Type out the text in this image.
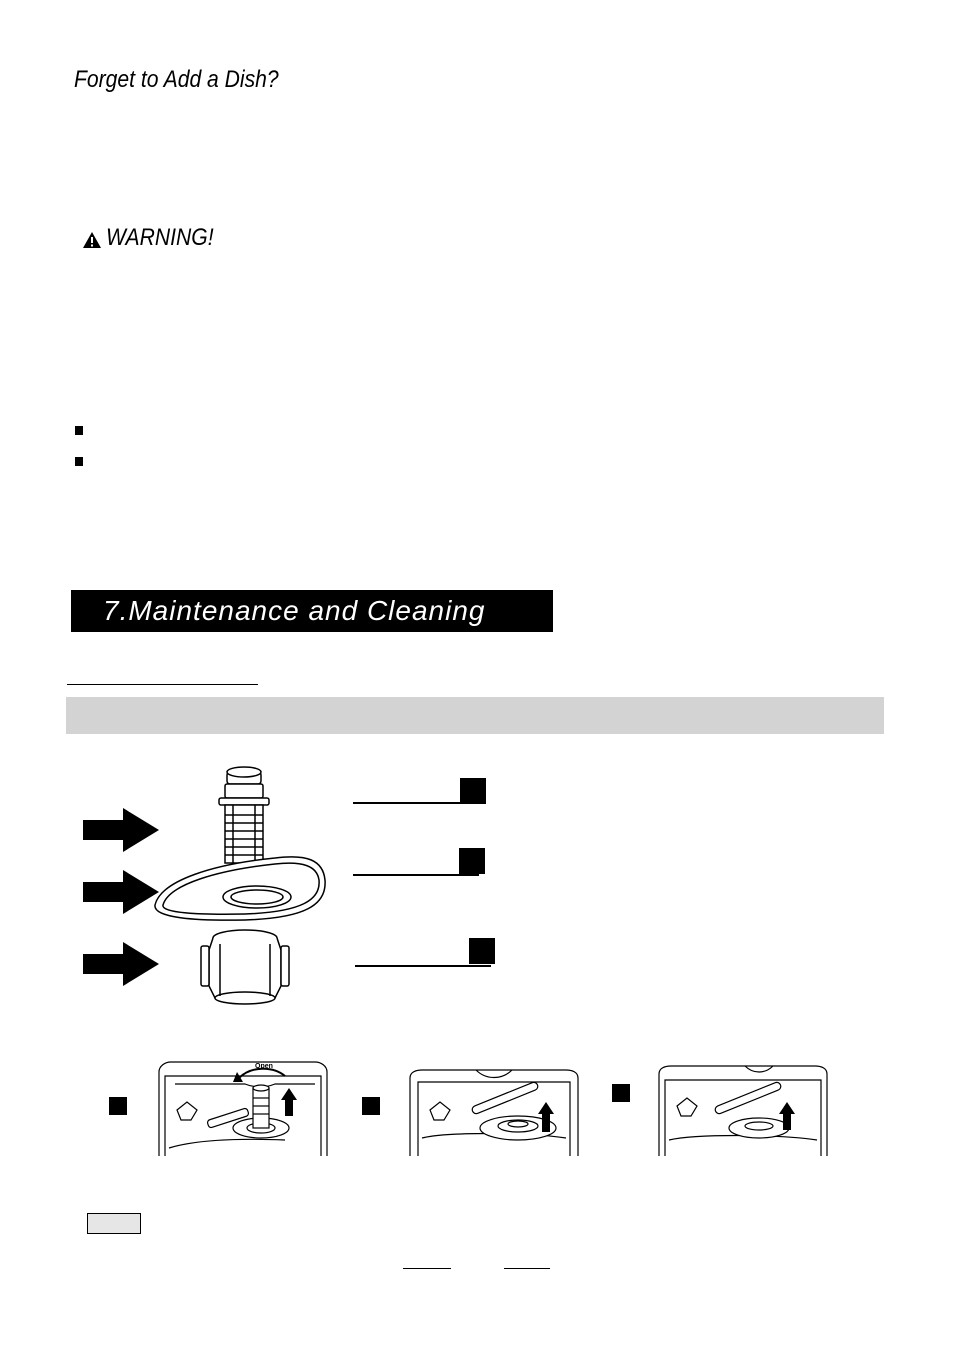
Forget to Add a Dish?
WARNING!
7.Maintenance and Cleaning
Open
